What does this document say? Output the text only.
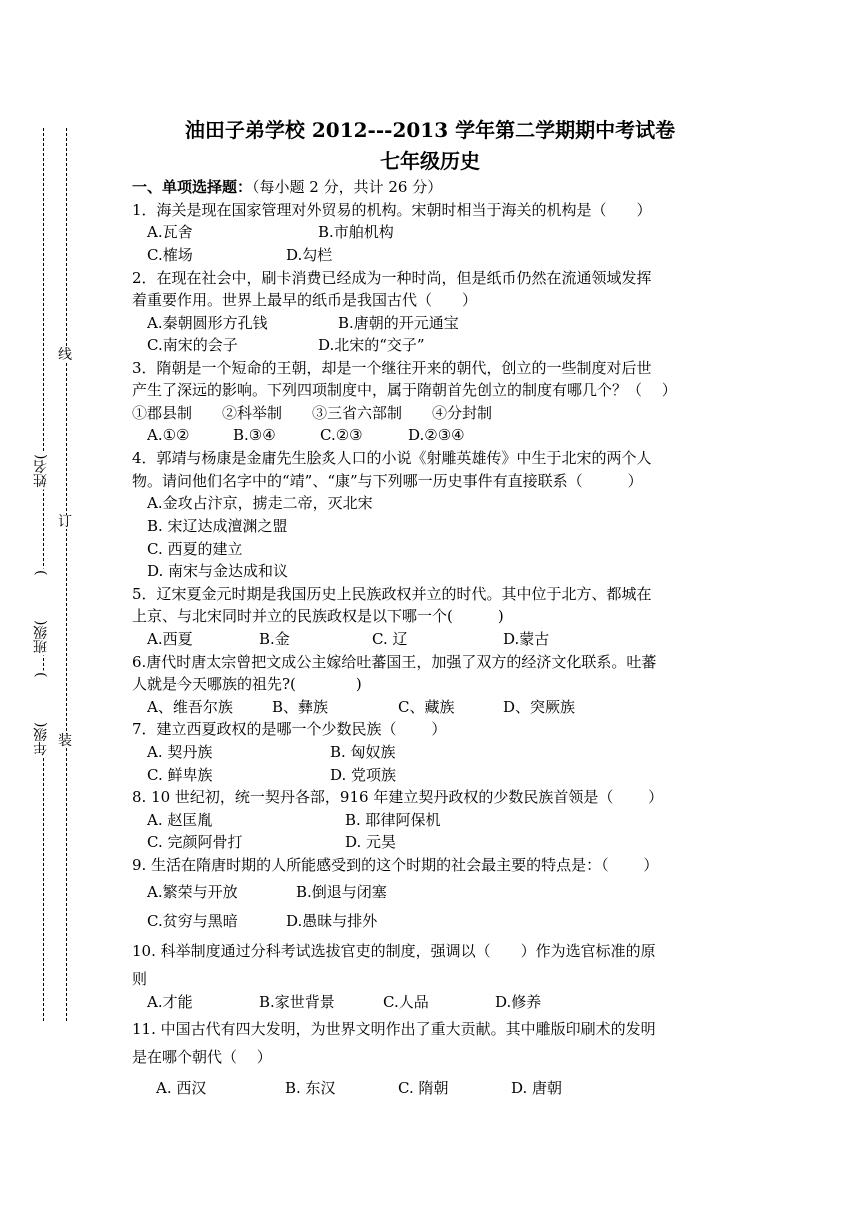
年级(          )
班级(          )
姓名(
线
订
装
油田子弟学校 2012---2013 学年第二学期期中考试卷
七年级历史
一、单项选择题：（每小题 2 分，共计 26 分）
1．海关是现在国家管理对外贸易的机构。宋朝时相当于海关的机构是（　　）
A.瓦舍	B.市舶机构
C.榷场	D.勾栏
2．在现在社会中，刷卡消费已经成为一种时尚，但是纸币仍然在流通领域发挥
着重要作用。世界上最早的纸币是我国古代（　　）
A.秦朝圆形方孔钱	B.唐朝的开元通宝
C.南宋的会子	D.北宋的“交子”
3．隋朝是一个短命的王朝，却是一个继往开来的朝代，创立的一些制度对后世
产生了深远的影响。下列四项制度中，属于隋朝首先创立的制度有哪几个？（　 ）
①郡县制　　②科举制　　③三省六部制　　④分封制
A.①②	B.③④	C.②③	D.②③④
4．郭靖与杨康是金庸先生脍炙人口的小说《射雕英雄传》中生于北宋的两个人
物。请问他们名字中的“靖”、“康”与下列哪一历史事件有直接联系（　　　）
A.金攻占汴京，掳走二帝，灭北宋
B. 宋辽达成澶渊之盟
C. 西夏的建立
D. 南宋与金达成和议
5．辽宋夏金元时期是我国历史上民族政权并立的时代。其中位于北方、都城在
上京、与北宋同时并立的民族政权是以下哪一个(　　　)
A.西夏	B.金	C. 辽	D.蒙古
6.唐代时唐太宗曾把文成公主嫁给吐蕃国王，加强了双方的经济文化联系。吐蕃
人就是今天哪族的祖先?(　　　　)
A、维吾尔族	B、彝族	C、藏族	D、突厥族
7．建立西夏政权的是哪一个少数民族（　　 ）
A. 契丹族	B. 匈奴族
C. 鲜卑族	D. 党项族
8. 10 世纪初，统一契丹各部，916 年建立契丹政权的少数民族首领是（　　 ）
A. 赵匡胤	B. 耶律阿保机
C. 完颜阿骨打	D. 元昊
9. 生活在隋唐时期的人所能感受到的这个时期的社会最主要的特点是：（　　 ）
A.繁荣与开放	B.倒退与闭塞
C.贫穷与黑暗	D.愚昧与排外
10. 科举制度通过分科考试选拔官吏的制度，强调以（　　）作为选官标准的原
则
A.才能	B.家世背景	C.人品	D.修养
11. 中国古代有四大发明，为世界文明作出了重大贡献。其中雕版印刷术的发明
是在哪个朝代（　 ）
A. 西汉	B. 东汉	C. 隋朝	D. 唐朝
